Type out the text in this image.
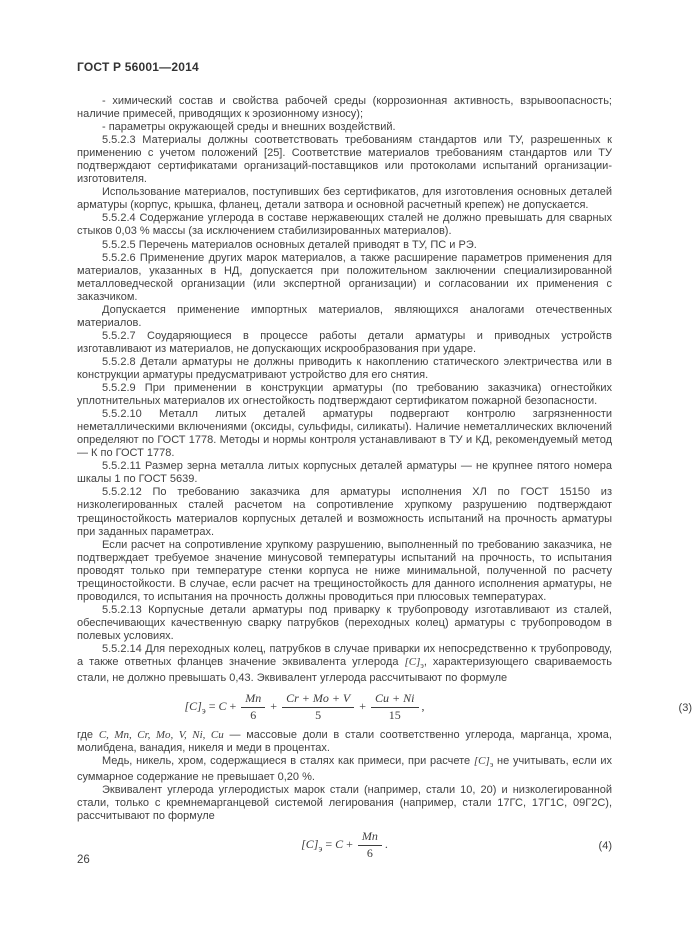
ГОСТ Р 56001—2014

- химический состав и свойства рабочей среды (коррозионная активность, взрывоопасность; наличие примесей, приводящих к эрозионному износу);

- параметры окружающей среды и внешних воздействий.

5.5.2.3 Материалы должны соответствовать требованиям стандартов или ТУ, разрешенных к применению с учетом положений [25]. Соответствие материалов требованиям стандартов или ТУ подтверждают сертификатами организаций-поставщиков или протоколами испытаний организации-изготовителя.

Использование материалов, поступивших без сертификатов, для изготовления основных деталей арматуры (корпус, крышка, фланец, детали затвора и основной расчетный крепеж) не допускается.

5.5.2.4 Содержание углерода в составе нержавеющих сталей не должно превышать для сварных стыков 0,03 % массы (за исключением стабилизированных материалов).

5.5.2.5 Перечень материалов основных деталей приводят в ТУ, ПС и РЭ.

5.5.2.6 Применение других марок материалов, а также расширение параметров применения для материалов, указанных в НД, допускается при положительном заключении специализированной металловедческой организации (или экспертной организации) и согласовании их применения с заказчиком.

Допускается применение импортных материалов, являющихся аналогами отечественных материалов.

5.5.2.7 Соударяющиеся в процессе работы детали арматуры и приводных устройств изготавливают из материалов, не допускающих искрообразования при ударе.

5.5.2.8 Детали арматуры не должны приводить к накоплению статического электричества или в конструкции арматуры предусматривают устройство для его снятия.

5.5.2.9 При применении в конструкции арматуры (по требованию заказчика) огнестойких уплотнительных материалов их огнестойкость подтверждают сертификатом пожарной безопасности.

5.5.2.10 Металл литых деталей арматуры подвергают контролю загрязненности неметаллическими включениями (оксиды, сульфиды, силикаты). Наличие неметаллических включений определяют по ГОСТ 1778. Методы и нормы контроля устанавливают в ТУ и КД, рекомендуемый метод — К по ГОСТ 1778.

5.5.2.11 Размер зерна металла литых корпусных деталей арматуры — не крупнее пятого номера шкалы 1 по ГОСТ 5639.

5.5.2.12 По требованию заказчика для арматуры исполнения ХЛ по ГОСТ 15150 из низколегированных сталей расчетом на сопротивление хрупкому разрушению подтверждают трещиностойкость материалов корпусных деталей и возможность испытаний на прочность арматуры при заданных параметрах.

Если расчет на сопротивление хрупкому разрушению, выполненный по требованию заказчика, не подтверждает требуемое значение минусовой температуры испытаний на прочность, то испытания проводят только при температуре стенки корпуса не ниже минимальной, полученной по расчету трещиностойкости. В случае, если расчет на трещиностойкость для данного исполнения арматуры, не проводился, то испытания на прочность должны проводиться при плюсовых температурах.

5.5.2.13 Корпусные детали арматуры под приварку к трубопроводу изготавливают из сталей, обеспечивающих качественную сварку патрубков (переходных колец) арматуры с трубопроводом в полевых условиях.

5.5.2.14 Для переходных колец, патрубков в случае приварки их непосредственно к трубопроводу, а также ответных фланцев значение эквивалента углерода $[C]_э$, характеризующего свариваемость стали, не должно превышать 0,43. Эквивалент углерода рассчитывают по формуле

$[C]_э = C + \frac{Mn}{6} + \frac{Cr + Mo + V}{5} + \frac{Cu + Ni}{15}$ ,	(3)

где C, Mn, Cr, Mo, V, Ni, Cu — массовые доли в стали соответственно углерода, марганца, хрома, молибдена, ванадия, никеля и меди в процентах.

Медь, никель, хром, содержащиеся в сталях как примеси, при расчете $[C]_э$ не учитывать, если их суммарное содержание не превышает 0,20 %.

Эквивалент углерода углеродистых марок стали (например, стали 10, 20) и низколегированной стали, только с кремнемарганцевой системой легирования (например, стали 17ГС, 17Г1С, 09Г2С), рассчитывают по формуле

$[C]_э = C + \frac{Mn}{6}$ .	(4)
26
